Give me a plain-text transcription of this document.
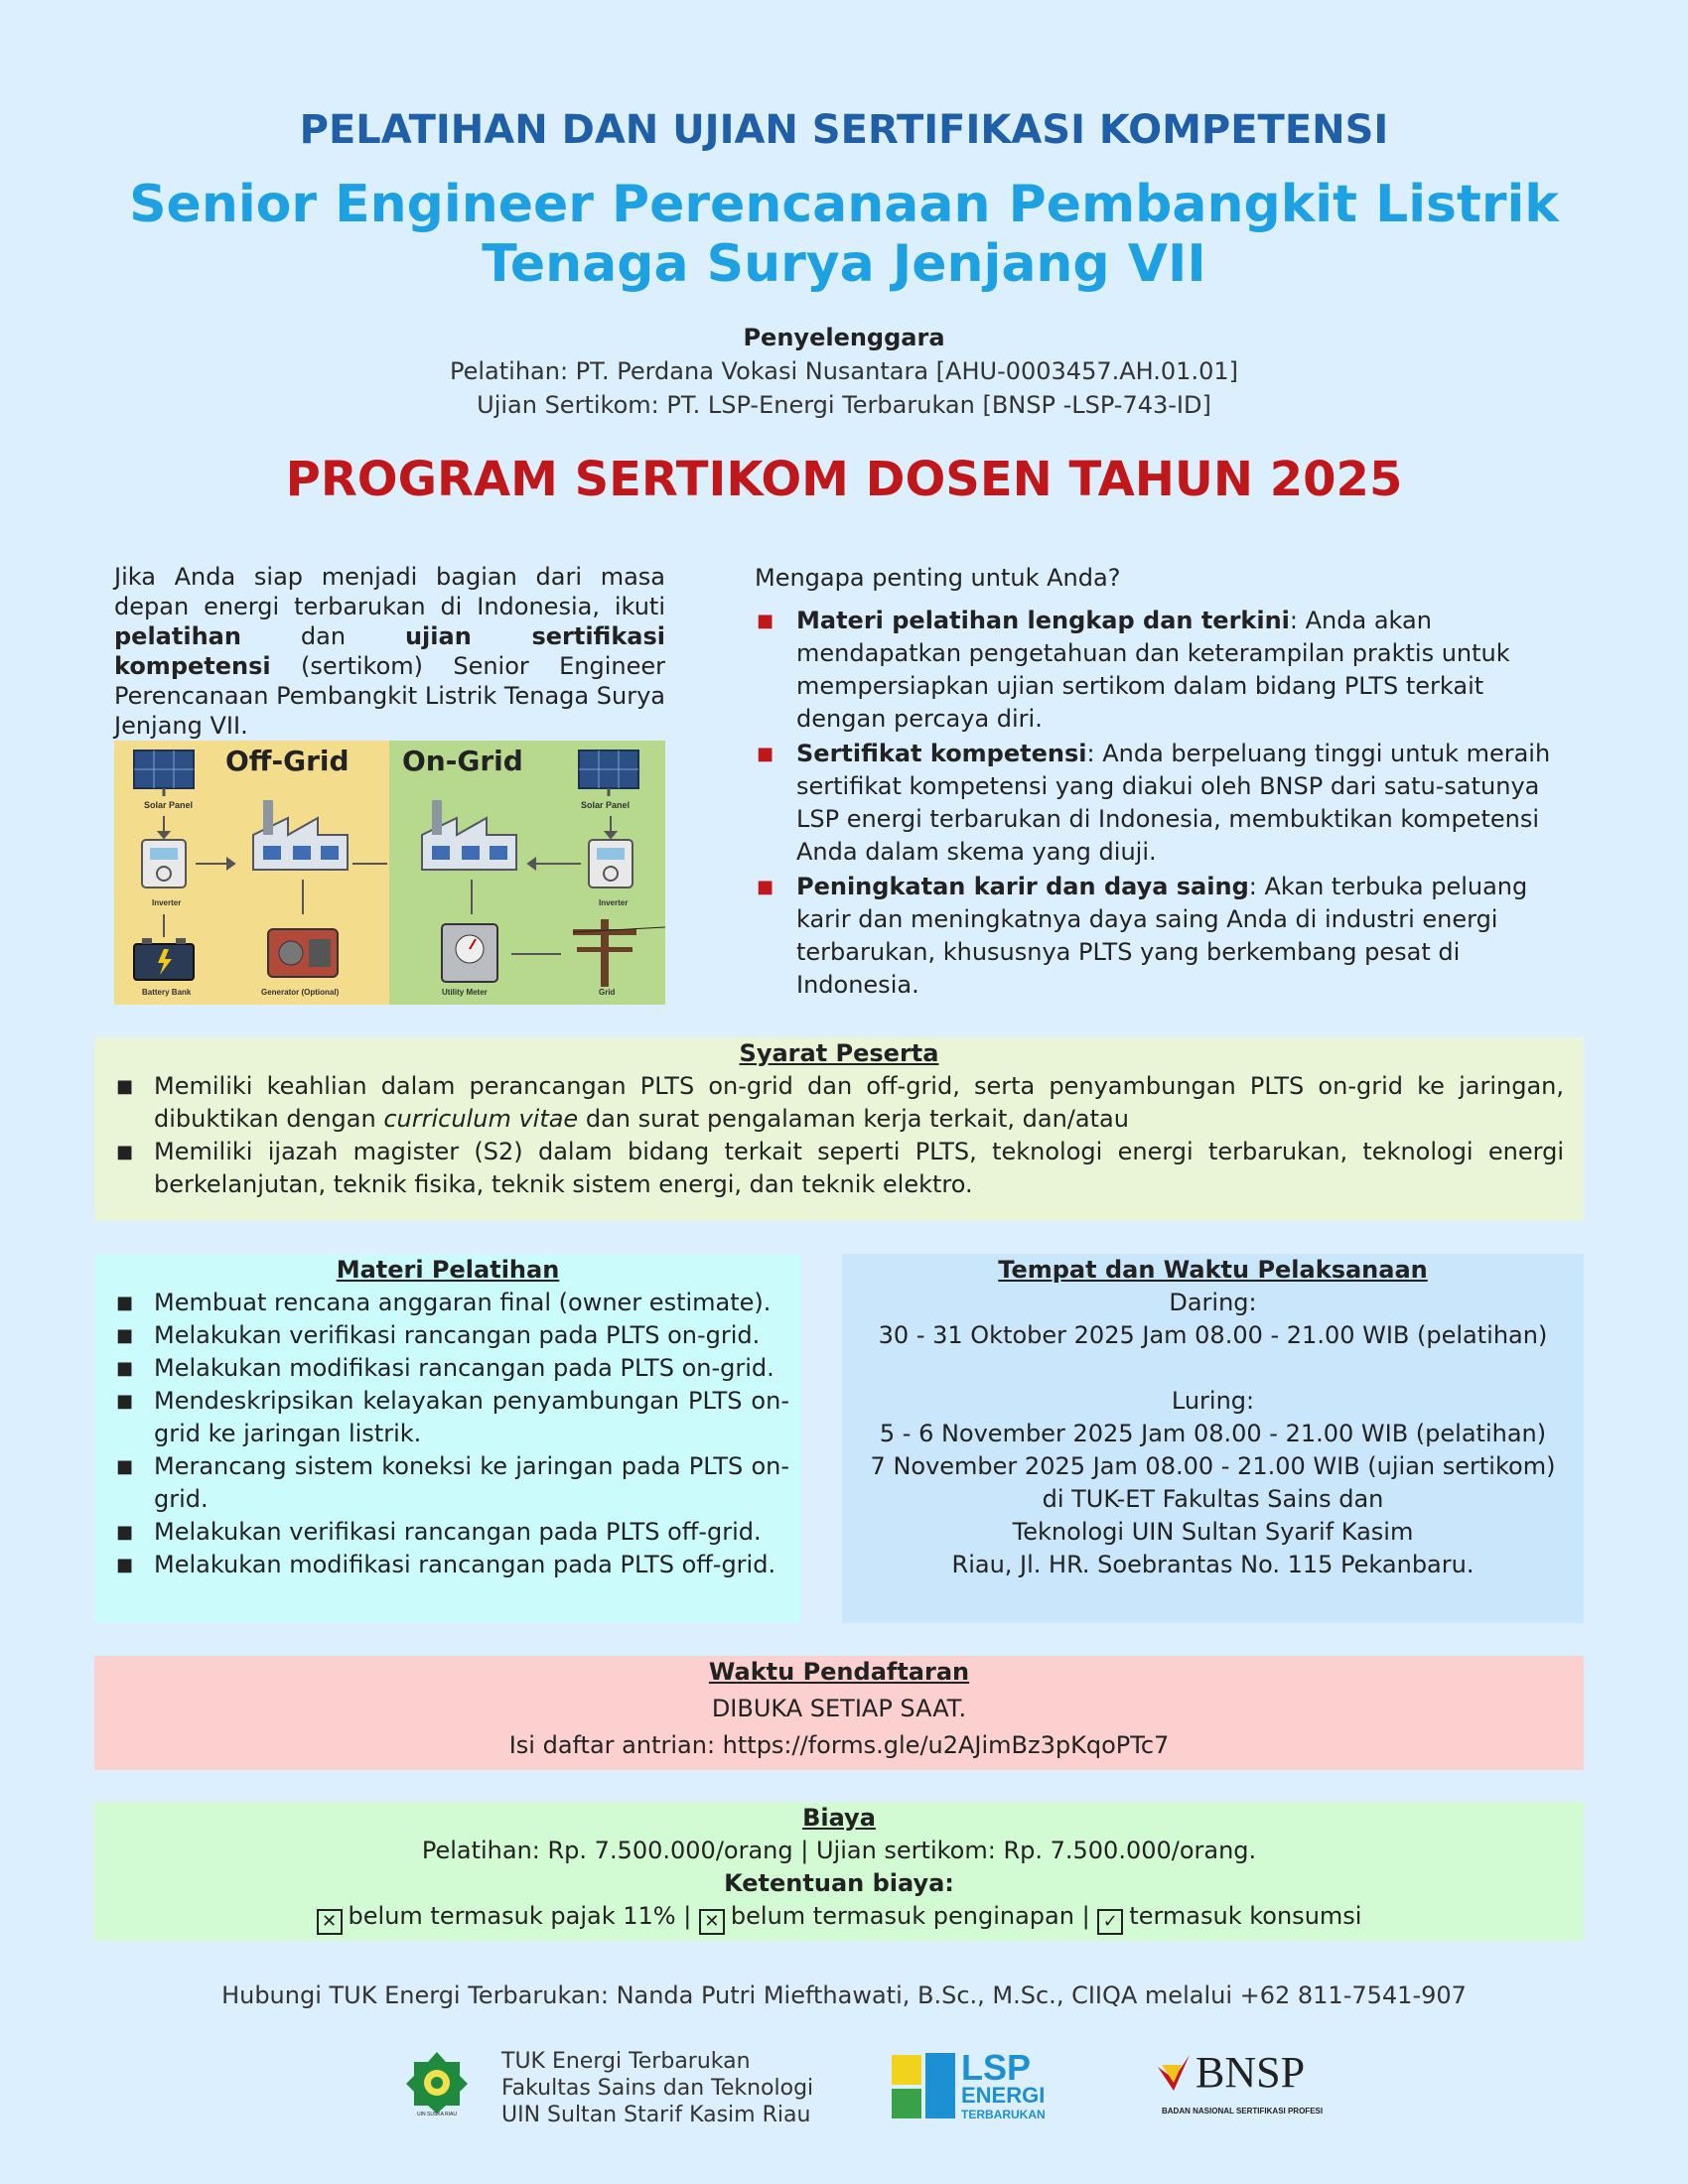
PELATIHAN DAN UJIAN SERTIFIKASI KOMPETENSI
Senior Engineer Perencanaan Pembangkit Listrik
Tenaga Surya Jenjang VII
Penyelenggara
Pelatihan: PT. Perdana Vokasi Nusantara [AHU-0003457.AH.01.01]
Ujian Sertikom: PT. LSP-Energi Terbarukan [BNSP -LSP-743-ID]
PROGRAM SERTIKOM DOSEN TAHUN 2025
Jika Anda siap menjadi bagian dari masa depan energi terbarukan di Indonesia, ikuti pelatihan dan ujian sertifikasi kompetensi (sertikom) Senior Engineer Perencanaan Pembangkit Listrik Tenaga Surya Jenjang VII.
Solar Panel	Solar Panel
Off-Grid On-Grid
Inverter	Inverter
Battery Bank	Generator (Optional)	Utility Meter	Grid
Mengapa penting untuk Anda?
■ Materi pelatihan lengkap dan terkini: Anda akan mendapatkan pengetahuan dan keterampilan praktis untuk mempersiapkan ujian sertikom dalam bidang PLTS terkait dengan percaya diri.
■ Sertifikat kompetensi: Anda berpeluang tinggi untuk meraih sertifikat kompetensi yang diakui oleh BNSP dari satu-satunya LSP energi terbarukan di Indonesia, membuktikan kompetensi Anda dalam skema yang diuji.
■ Peningkatan karir dan daya saing: Akan terbuka peluang karir dan meningkatnya daya saing Anda di industri energi terbarukan, khususnya PLTS yang berkembang pesat di Indonesia.
Syarat Peserta
■ Memiliki keahlian dalam perancangan PLTS on-grid dan off-grid, serta penyambungan PLTS on-grid ke jaringan, dibuktikan dengan curriculum vitae dan surat pengalaman kerja terkait, dan/atau
■ Memiliki ijazah magister (S2) dalam bidang terkait seperti PLTS, teknologi energi terbarukan, teknologi energi berkelanjutan, teknik fisika, teknik sistem energi, dan teknik elektro.
Materi Pelatihan
■ Membuat rencana anggaran final (owner estimate).
■ Melakukan verifikasi rancangan pada PLTS on-grid.
■ Melakukan modifikasi rancangan pada PLTS on-grid.
■ Mendeskripsikan kelayakan penyambungan PLTS on-grid ke jaringan listrik.
■ Merancang sistem koneksi ke jaringan pada PLTS on-grid.
■ Melakukan verifikasi rancangan pada PLTS off-grid.
■ Melakukan modifikasi rancangan pada PLTS off-grid.
Tempat dan Waktu Pelaksanaan
Daring:
30 - 31 Oktober 2025 Jam 08.00 - 21.00 WIB (pelatihan)
Luring:
5 - 6 November 2025 Jam 08.00 - 21.00 WIB (pelatihan)
7 November 2025 Jam 08.00 - 21.00 WIB (ujian sertikom)
di TUK-ET Fakultas Sains dan
Teknologi UIN Sultan Syarif Kasim
Riau, Jl. HR. Soebrantas No. 115 Pekanbaru.
Waktu Pendaftaran
DIBUKA SETIAP SAAT.
Isi daftar antrian: https://forms.gle/u2AJimBz3pKqoPTc7
Biaya
Pelatihan: Rp. 7.500.000/orang | Ujian sertikom: Rp. 7.500.000/orang.
Ketentuan biaya:
✕ belum termasuk pajak 11% | ✕ belum termasuk penginapan | ✓ termasuk konsumsi
Hubungi TUK Energi Terbarukan: Nanda Putri Miefthawati, B.Sc., M.Sc., CIIQA melalui +62 811-7541-907
UIN SUSKA RIAU
TUK Energi Terbarukan
Fakultas Sains dan Teknologi
UIN Sultan Starif Kasim Riau
LSP
ENERGI
TERBARUKAN
BNSP
BADAN NASIONAL SERTIFIKASI PROFESI
